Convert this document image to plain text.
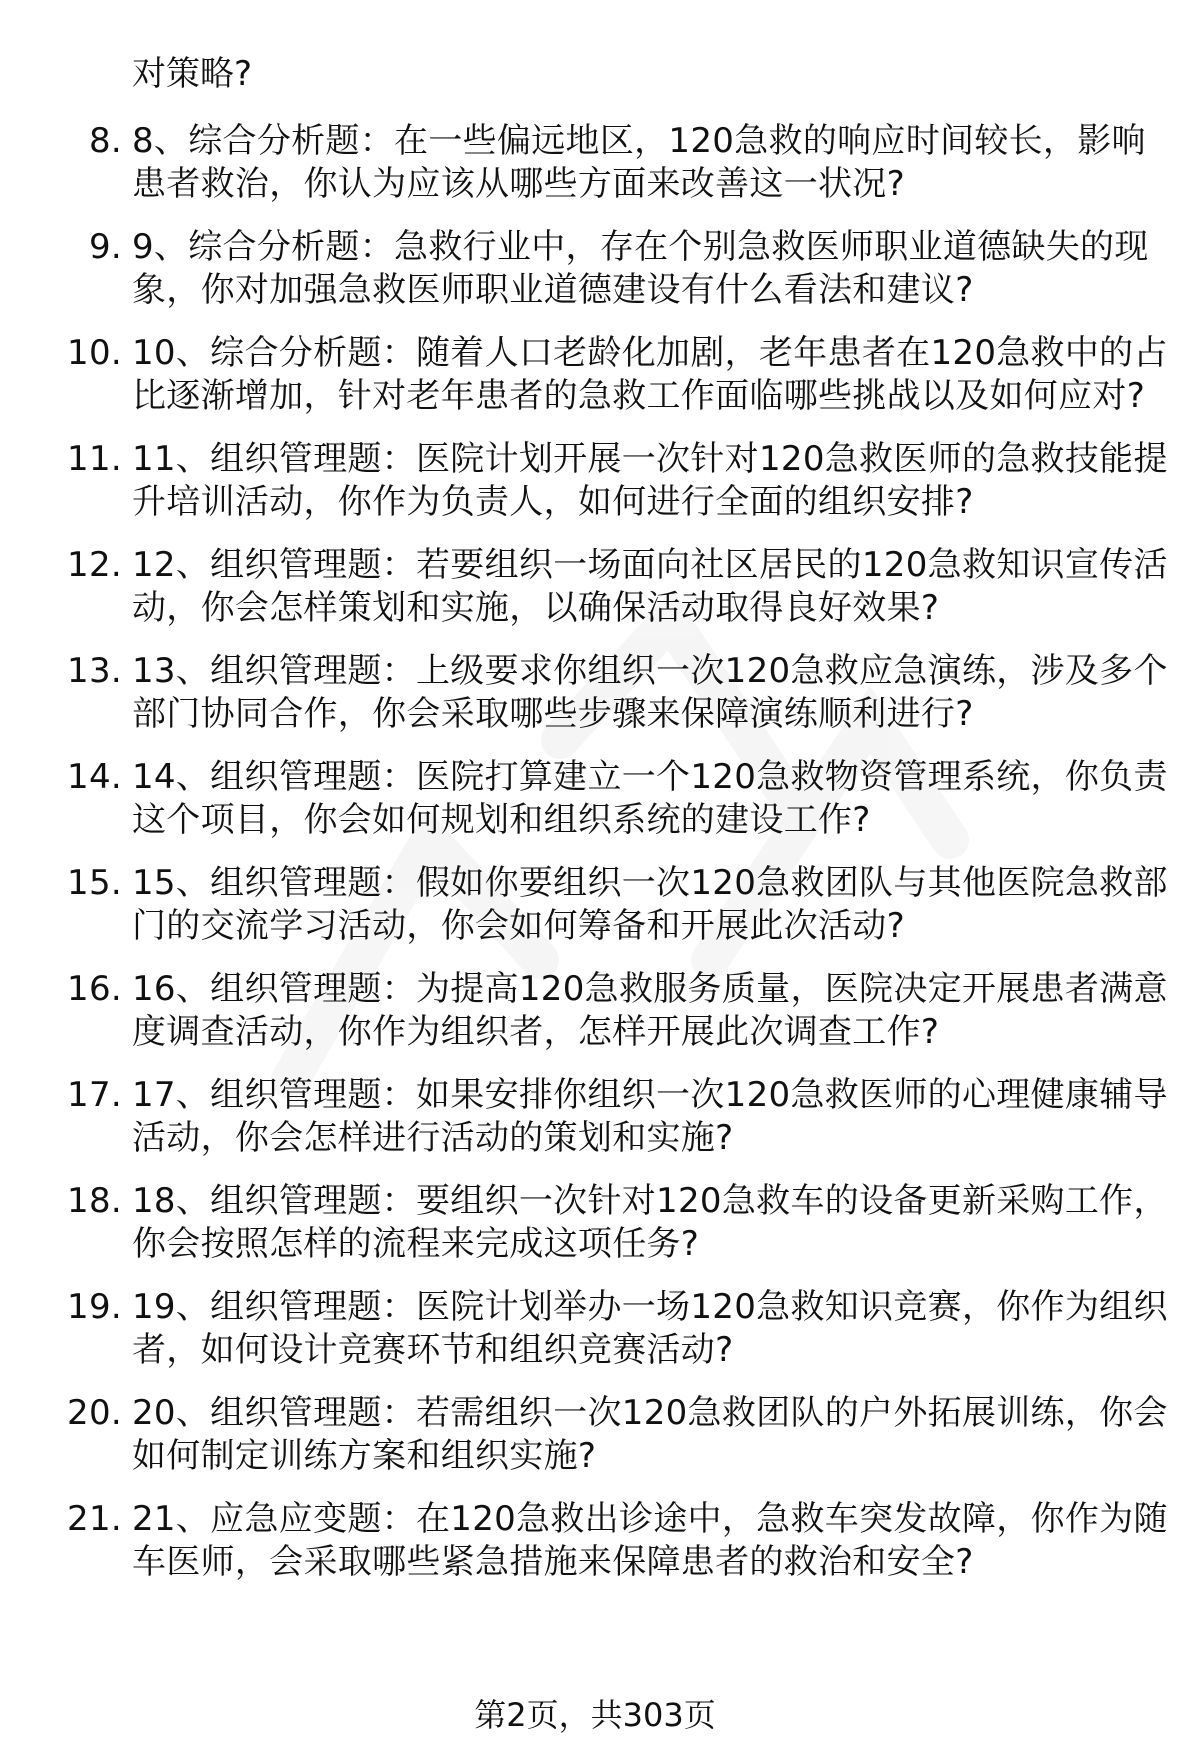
对策略?

8. 8、综合分析题：在一些偏远地区，120急救的响应时间较长，影响患者救治，你认为应该从哪些方面来改善这一状况?
9. 9、综合分析题：急救行业中，存在个别急救医师职业道德缺失的现象，你对加强急救医师职业道德建设有什么看法和建议?
10. 10、综合分析题：随着人口老龄化加剧，老年患者在120急救中的占比逐渐增加，针对老年患者的急救工作面临哪些挑战以及如何应对?
11. 11、组织管理题：医院计划开展一次针对120急救医师的急救技能提升培训活动，你作为负责人，如何进行全面的组织安排?
12. 12、组织管理题：若要组织一场面向社区居民的120急救知识宣传活动，你会怎样策划和实施，以确保活动取得良好效果?
13. 13、组织管理题：上级要求你组织一次120急救应急演练，涉及多个部门协同合作，你会采取哪些步骤来保障演练顺利进行?
14. 14、组织管理题：医院打算建立一个120急救物资管理系统，你负责这个项目，你会如何规划和组织系统的建设工作?
15. 15、组织管理题：假如你要组织一次120急救团队与其他医院急救部门的交流学习活动，你会如何筹备和开展此次活动?
16. 16、组织管理题：为提高120急救服务质量，医院决定开展患者满意度调查活动，你作为组织者，怎样开展此次调查工作?
17. 17、组织管理题：如果安排你组织一次120急救医师的心理健康辅导活动，你会怎样进行活动的策划和实施?
18. 18、组织管理题：要组织一次针对120急救车的设备更新采购工作，你会按照怎样的流程来完成这项任务?
19. 19、组织管理题：医院计划举办一场120急救知识竞赛，你作为组织者，如何设计竞赛环节和组织竞赛活动?
20. 20、组织管理题：若需组织一次120急救团队的户外拓展训练，你会如何制定训练方案和组织实施?
21. 21、应急应变题：在120急救出诊途中，急救车突发故障，你作为随车医师，会采取哪些紧急措施来保障患者的救治和安全?
第2页，共303页
